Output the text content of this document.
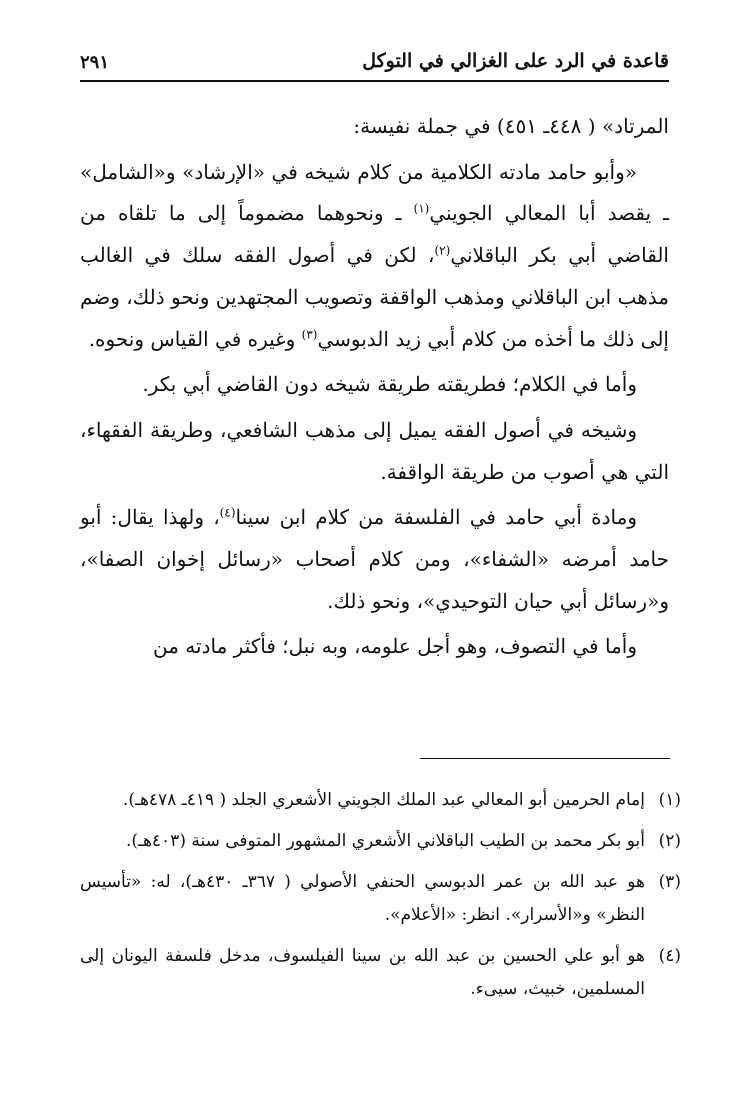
قاعدة في الرد على الغزالي في التوكل
٢٩١

المرتاد» ( ٤٤٨ـ ٤٥١) في جملة نفيسة:

«وأبو حامد مادته الكلامية من كلام شيخه في «الإرشاد» و«الشامل» ـ يقصد أبا المعالي الجويني$^{(١)}$ ـ ونحوهما مضموماً إلى ما تلقاه من القاضي أبي بكر الباقلاني$^{(٢)}$، لكن في أصول الفقه سلك في الغالب مذهب ابن الباقلاني ومذهب الواقفة وتصويب المجتهدين ونحو ذلك، وضم إلى ذلك ما أخذه من كلام أبي زيد الدبوسي$^{(٣)}$ وغيره في القياس ونحوه.

وأما في الكلام؛ فطريقته طريقة شيخه دون القاضي أبي بكر.

وشيخه في أصول الفقه يميل إلى مذهب الشافعي، وطريقة الفقهاء، التي هي أصوب من طريقة الواقفة.

ومادة أبي حامد في الفلسفة من كلام ابن سينا$^{(٤)}$، ولهذا يقال: أبو حامد أمرضه «الشفاء»، ومن كلام أصحاب «رسائل إخوان الصفا»، و«رسائل أبي حيان التوحيدي»، ونحو ذلك.

وأما في التصوف، وهو أجل علومه، وبه نبل؛ فأكثر مادته من

(١)
إمام الحرمين أبو المعالي عبد الملك الجويني الأشعري الجلد ( ٤١٩ـ ٤٧٨هـ).
(٢)
أبو بكر محمد بن الطيب الباقلاني الأشعري المشهور المتوفى سنة (٤٠٣هـ).
(٣)
هو عبد الله بن عمر الدبوسي الحنفي الأصولي ( ٣٦٧ـ ٤٣٠هـ)، له: «تأسيس النظر» و«الأسرار». انظر: «الأعلام».
(٤)
هو أبو علي الحسين بن عبد الله بن سينا الفيلسوف، مدخل فلسفة اليونان إلى المسلمين، خبيث، سيىء.
